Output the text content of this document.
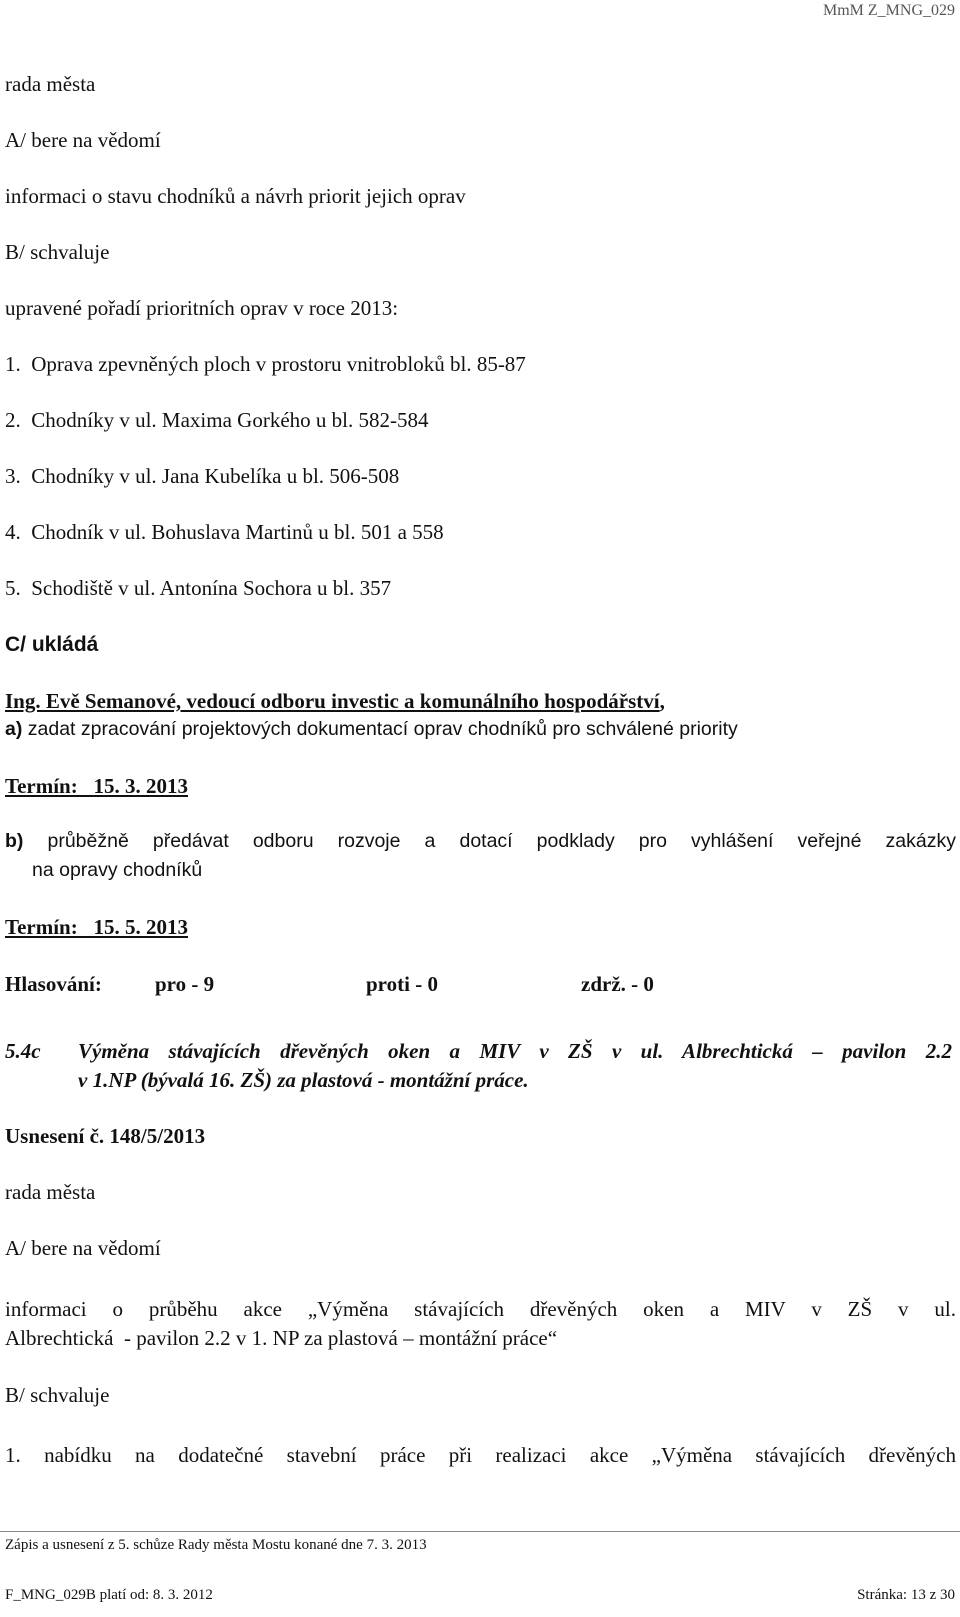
MmM Z_MNG_029
rada města
A/ bere na vědomí
informaci o stavu chodníků a návrh priorit jejich oprav
B/ schvaluje
upravené pořadí prioritních oprav v roce 2013:
1. Oprava zpevněných ploch v prostoru vnitrobloků bl. 85-87
2. Chodníky v ul. Maxima Gorkého u bl. 582-584
3. Chodníky v ul. Jana Kubelíka u bl. 506-508
4. Chodník v ul. Bohuslava Martinů u bl. 501 a 558
5. Schodiště v ul. Antonína Sochora u bl. 357
C/ ukládá
Ing. Evě Semanové, vedoucí odboru investic a komunálního hospodářství,
a) zadat zpracování projektových dokumentací oprav chodníků pro schválené priority
Termín:   15. 3. 2013
b) průběžně předávat odboru rozvoje a dotací podklady pro vyhlášení veřejné zakázky
na opravy chodníků
Termín:   15. 5. 2013
Hlasování:	pro - 9	proti - 0	zdrž. - 0
5.4c Výměna stávajících dřevěných oken a MIV v ZŠ v ul. Albrechtická – pavilon 2.2
v 1.NP (bývalá 16. ZŠ) za plastová - montážní práce.
Usnesení č. 148/5/2013
rada města
A/ bere na vědomí
informaci o průběhu akce „Výměna stávajících dřevěných oken a MIV v ZŠ v ul.
Albrechtická  - pavilon 2.2 v 1. NP za plastová – montážní práce“
B/ schvaluje
1. nabídku na dodatečné stavební práce při realizaci akce „Výměna stávajících dřevěných
Zápis a usnesení z 5. schůze Rady města Mostu konané dne 7. 3. 2013
F_MNG_029B platí od: 8. 3. 2012	Stránka: 13 z 30
